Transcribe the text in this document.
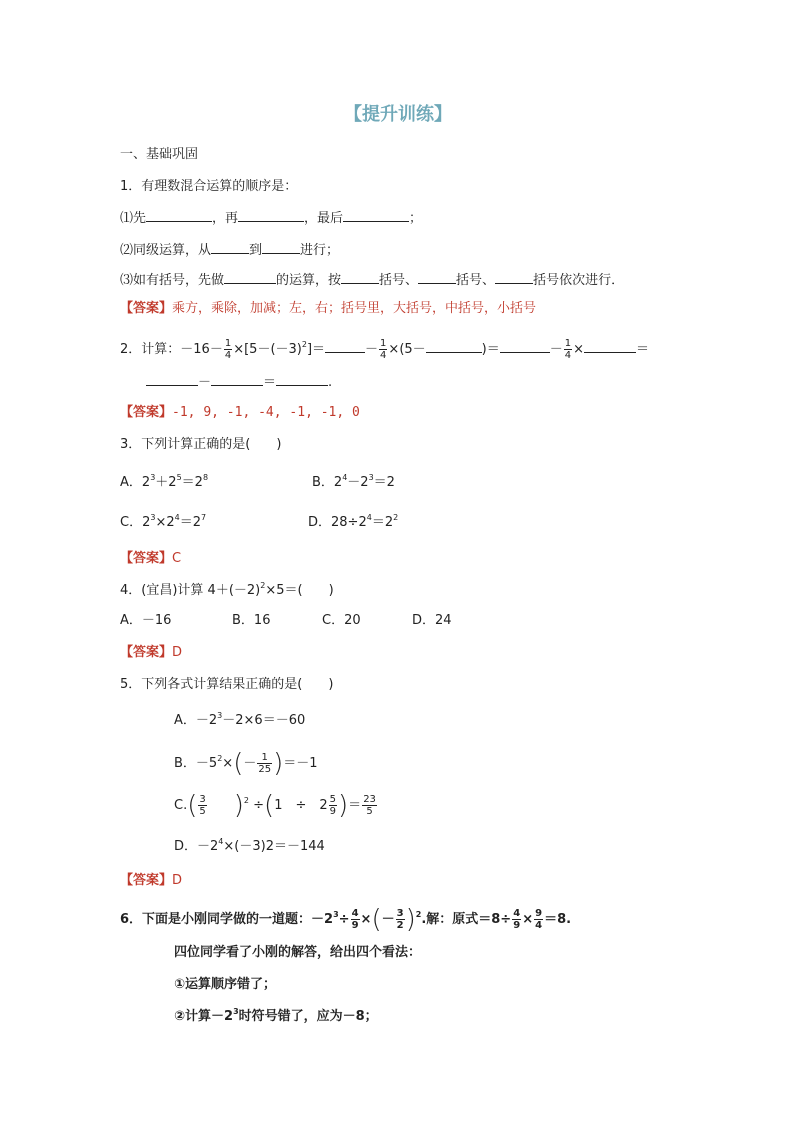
【提升训练】
一、基础巩固
1．有理数混合运算的顺序是：
⑴先	，再	，最后	；
⑵同级运算，从	到	进行；
⑶如有括号，先做	的运算，按	括号、	括号、	括号依次进行．
【答案】乘方，乘除，加减；左，右；括号里，大括号，中括号，小括号
2．计算：$-16- \frac{1}{4} \times[5-(-3)^2]=$	－ $\frac{1}{4} \times(5-$	)＝	－ $\frac{1}{4}$ ×	＝
－	＝	.
【答案】-1, 9, -1, -4, -1, -1, 0
3．下列计算正确的是(　　)
A．$2^3+2^5=2^8$	B．$2^4-2^3=2$
C．$2^3\times 2^4=2^7$	D．$28\div 2^4=2^2$
【答案】C
4．(宜昌)计算 $4+(-2)^2\times 5=$(　　)
A．－16	B．16	C．20	D．24
【答案】D
5．下列各式计算结果正确的是(　　)
A．$-2^3-2\times 6=-60$
B．$-5^2\times(- \frac{1}{25} )=-1$
$C.( \frac{3}{5} )^2 \div(1$　÷　$2 \frac{5}{9}$ )＝ $\frac{23}{5}$
D．$-2^4\times(-3)2=-144$
【答案】D
6．下面是小刚同学做的一道题：$-2^3\div \frac{4}{9}$ ×(－ $\frac{3}{2} )^2$.解：原式$=8\div \frac{4}{9} \times \frac{9}{4} =8$.
四位同学看了小刚的解答，给出四个看法：
①运算顺序错了；
②计算$-2^3$时符号错了，应为－8；
